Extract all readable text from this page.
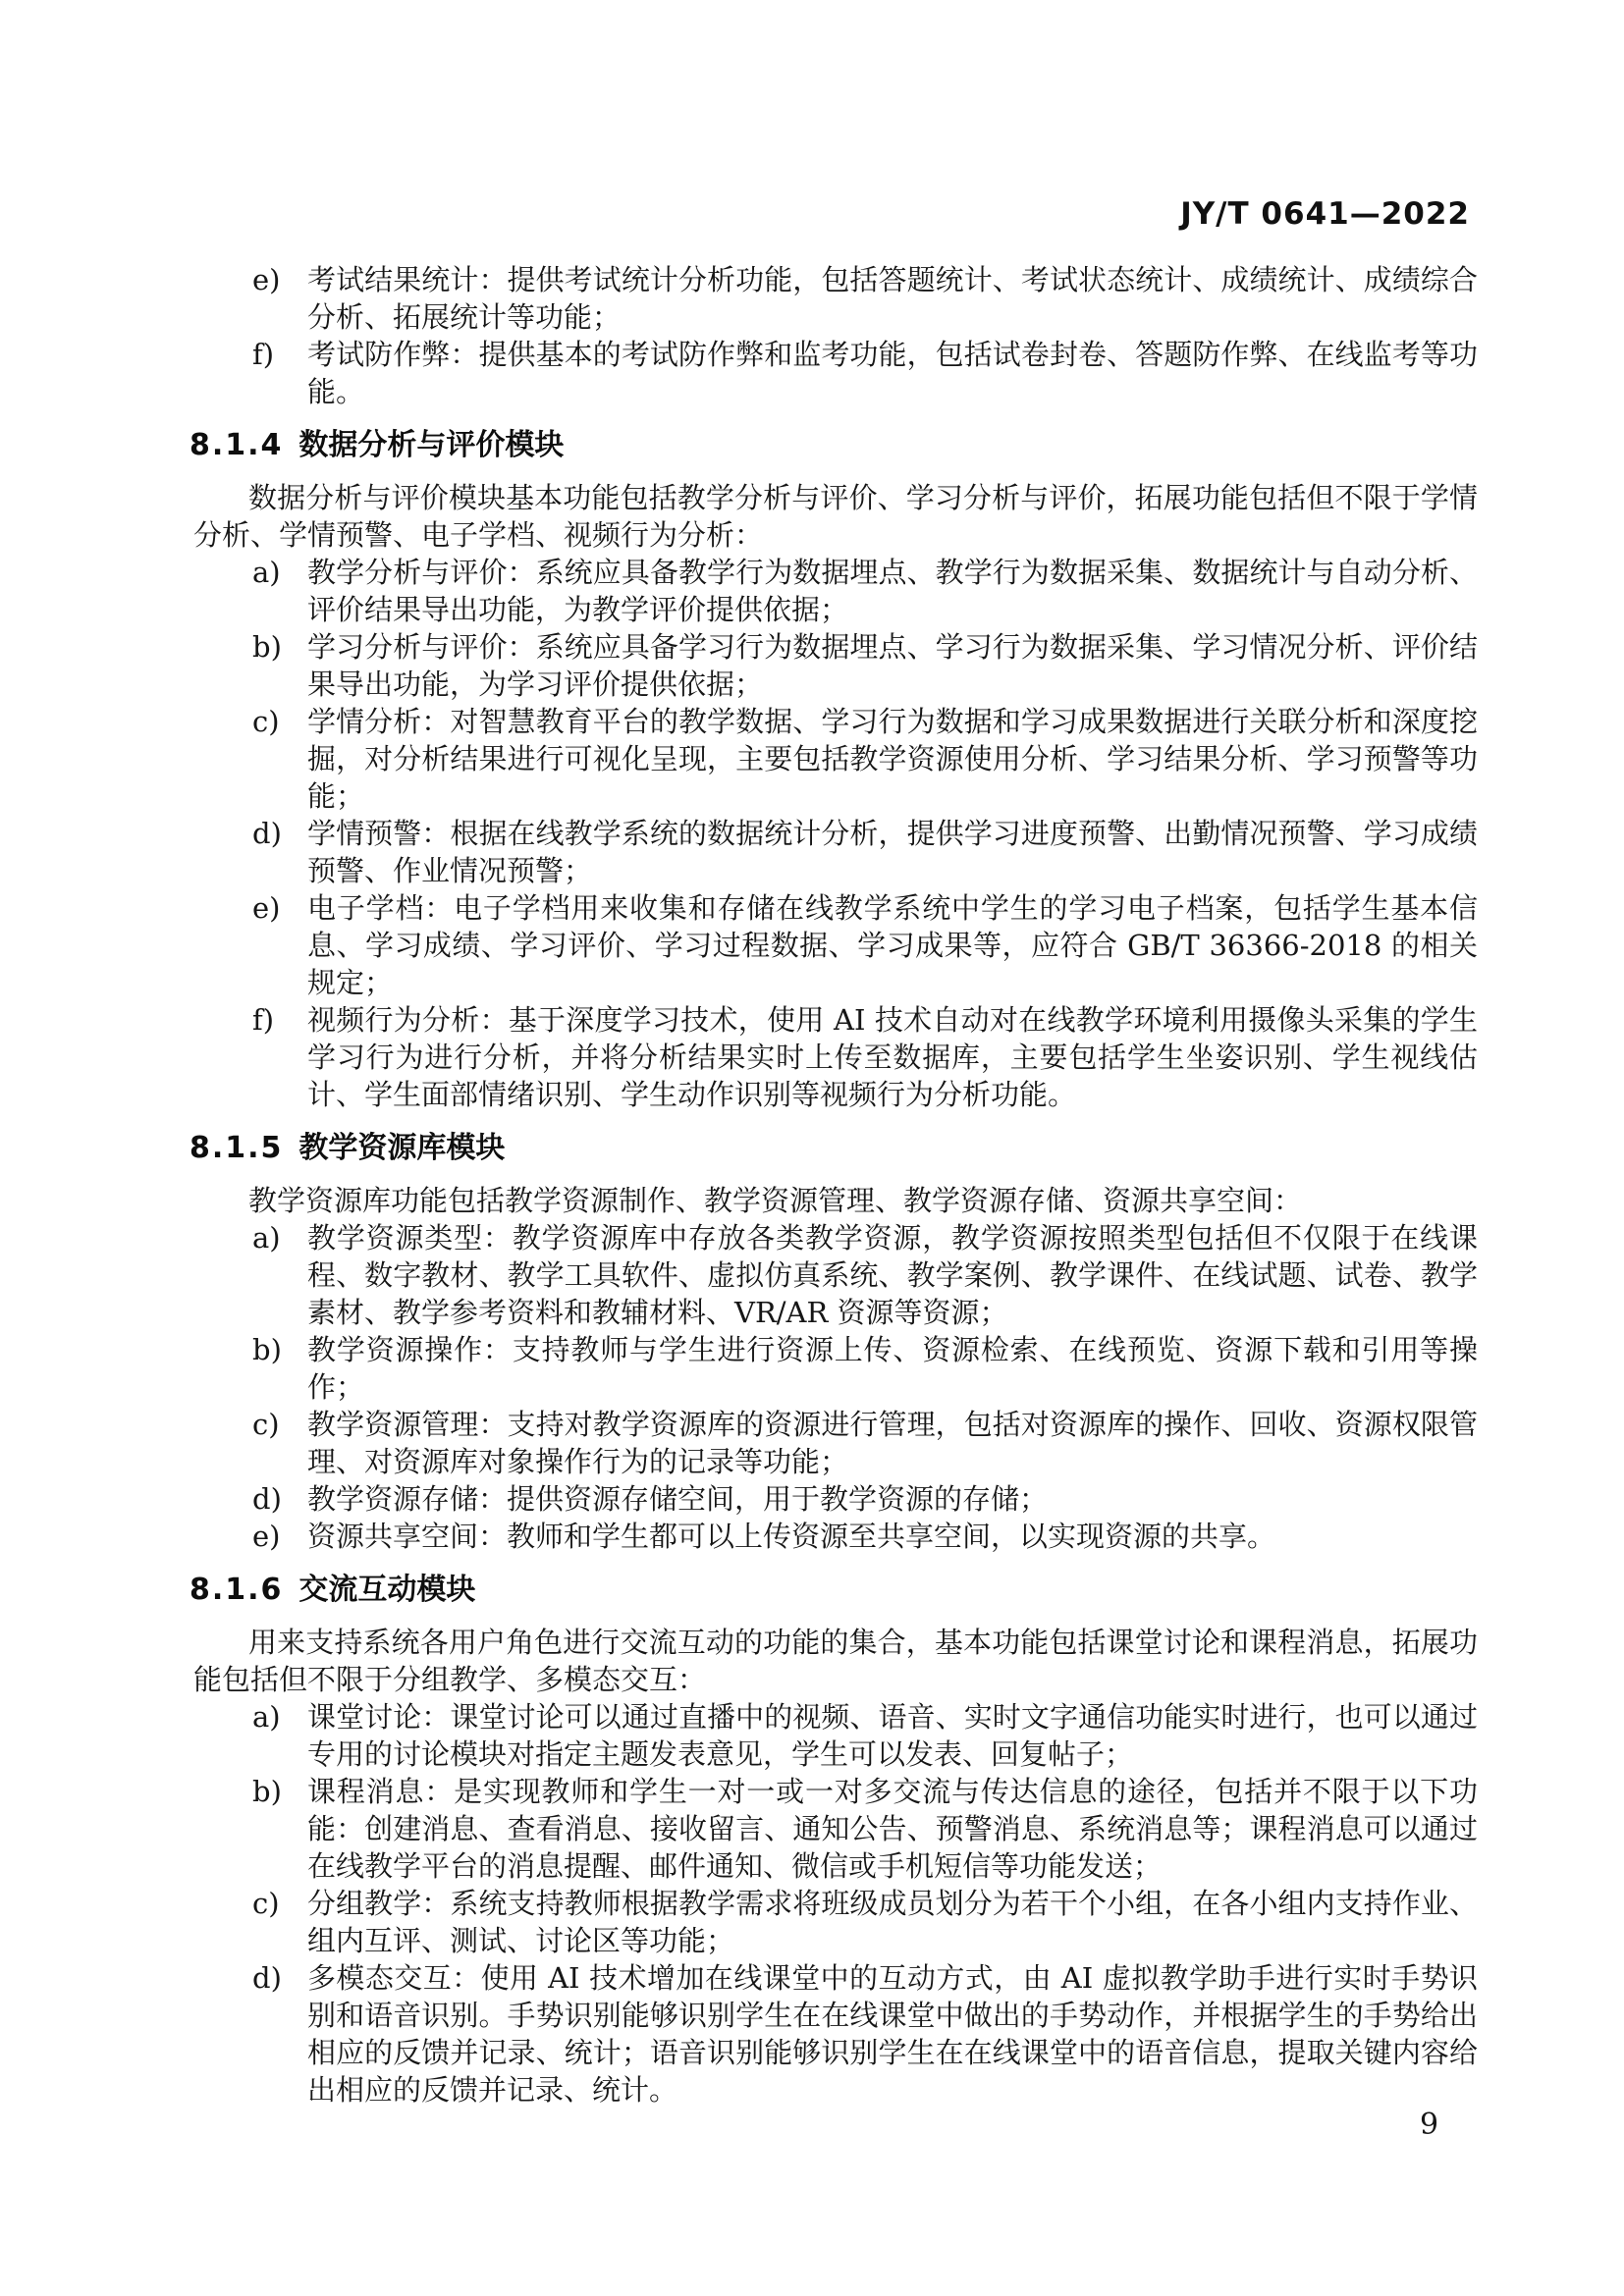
JY/T 0641—2022
e) 考试结果统计：提供考试统计分析功能，包括答题统计、考试状态统计、成绩统计、成绩综合分析、拓展统计等功能；
f) 考试防作弊：提供基本的考试防作弊和监考功能，包括试卷封卷、答题防作弊、在线监考等功能。
8.1.4 数据分析与评价模块

数据分析与评价模块基本功能包括教学分析与评价、学习分析与评价，拓展功能包括但不限于学情分析、学情预警、电子学档、视频行为分析：

a) 教学分析与评价：系统应具备教学行为数据埋点、教学行为数据采集、数据统计与自动分析、评价结果导出功能，为教学评价提供依据；
b) 学习分析与评价：系统应具备学习行为数据埋点、学习行为数据采集、学习情况分析、评价结果导出功能，为学习评价提供依据；
c) 学情分析：对智慧教育平台的教学数据、学习行为数据和学习成果数据进行关联分析和深度挖掘，对分析结果进行可视化呈现，主要包括教学资源使用分析、学习结果分析、学习预警等功能；
d) 学情预警：根据在线教学系统的数据统计分析，提供学习进度预警、出勤情况预警、学习成绩预警、作业情况预警；
e) 电子学档：电子学档用来收集和存储在线教学系统中学生的学习电子档案，包括学生基本信息、学习成绩、学习评价、学习过程数据、学习成果等，应符合 GB/T 36366-2018 的相关规定；
f) 视频行为分析：基于深度学习技术，使用 AI 技术自动对在线教学环境利用摄像头采集的学生学习行为进行分析，并将分析结果实时上传至数据库，主要包括学生坐姿识别、学生视线估计、学生面部情绪识别、学生动作识别等视频行为分析功能。
8.1.5 教学资源库模块

教学资源库功能包括教学资源制作、教学资源管理、教学资源存储、资源共享空间：

a) 教学资源类型：教学资源库中存放各类教学资源，教学资源按照类型包括但不仅限于在线课程、数字教材、教学工具软件、虚拟仿真系统、教学案例、教学课件、在线试题、试卷、教学素材、教学参考资料和教辅材料、VR/AR 资源等资源；
b) 教学资源操作：支持教师与学生进行资源上传、资源检索、在线预览、资源下载和引用等操作；
c) 教学资源管理：支持对教学资源库的资源进行管理，包括对资源库的操作、回收、资源权限管理、对资源库对象操作行为的记录等功能；
d) 教学资源存储：提供资源存储空间，用于教学资源的存储；
e) 资源共享空间：教师和学生都可以上传资源至共享空间，以实现资源的共享。
8.1.6 交流互动模块

用来支持系统各用户角色进行交流互动的功能的集合，基本功能包括课堂讨论和课程消息，拓展功能包括但不限于分组教学、多模态交互：

a) 课堂讨论：课堂讨论可以通过直播中的视频、语音、实时文字通信功能实时进行，也可以通过专用的讨论模块对指定主题发表意见，学生可以发表、回复帖子；
b) 课程消息：是实现教师和学生一对一或一对多交流与传达信息的途径，包括并不限于以下功能：创建消息、查看消息、接收留言、通知公告、预警消息、系统消息等；课程消息可以通过在线教学平台的消息提醒、邮件通知、微信或手机短信等功能发送；
c) 分组教学：系统支持教师根据教学需求将班级成员划分为若干个小组，在各小组内支持作业、组内互评、测试、讨论区等功能；
d) 多模态交互：使用 AI 技术增加在线课堂中的互动方式，由 AI 虚拟教学助手进行实时手势识别和语音识别。手势识别能够识别学生在在线课堂中做出的手势动作，并根据学生的手势给出相应的反馈并记录、统计；语音识别能够识别学生在在线课堂中的语音信息，提取关键内容给出相应的反馈并记录、统计。
9
